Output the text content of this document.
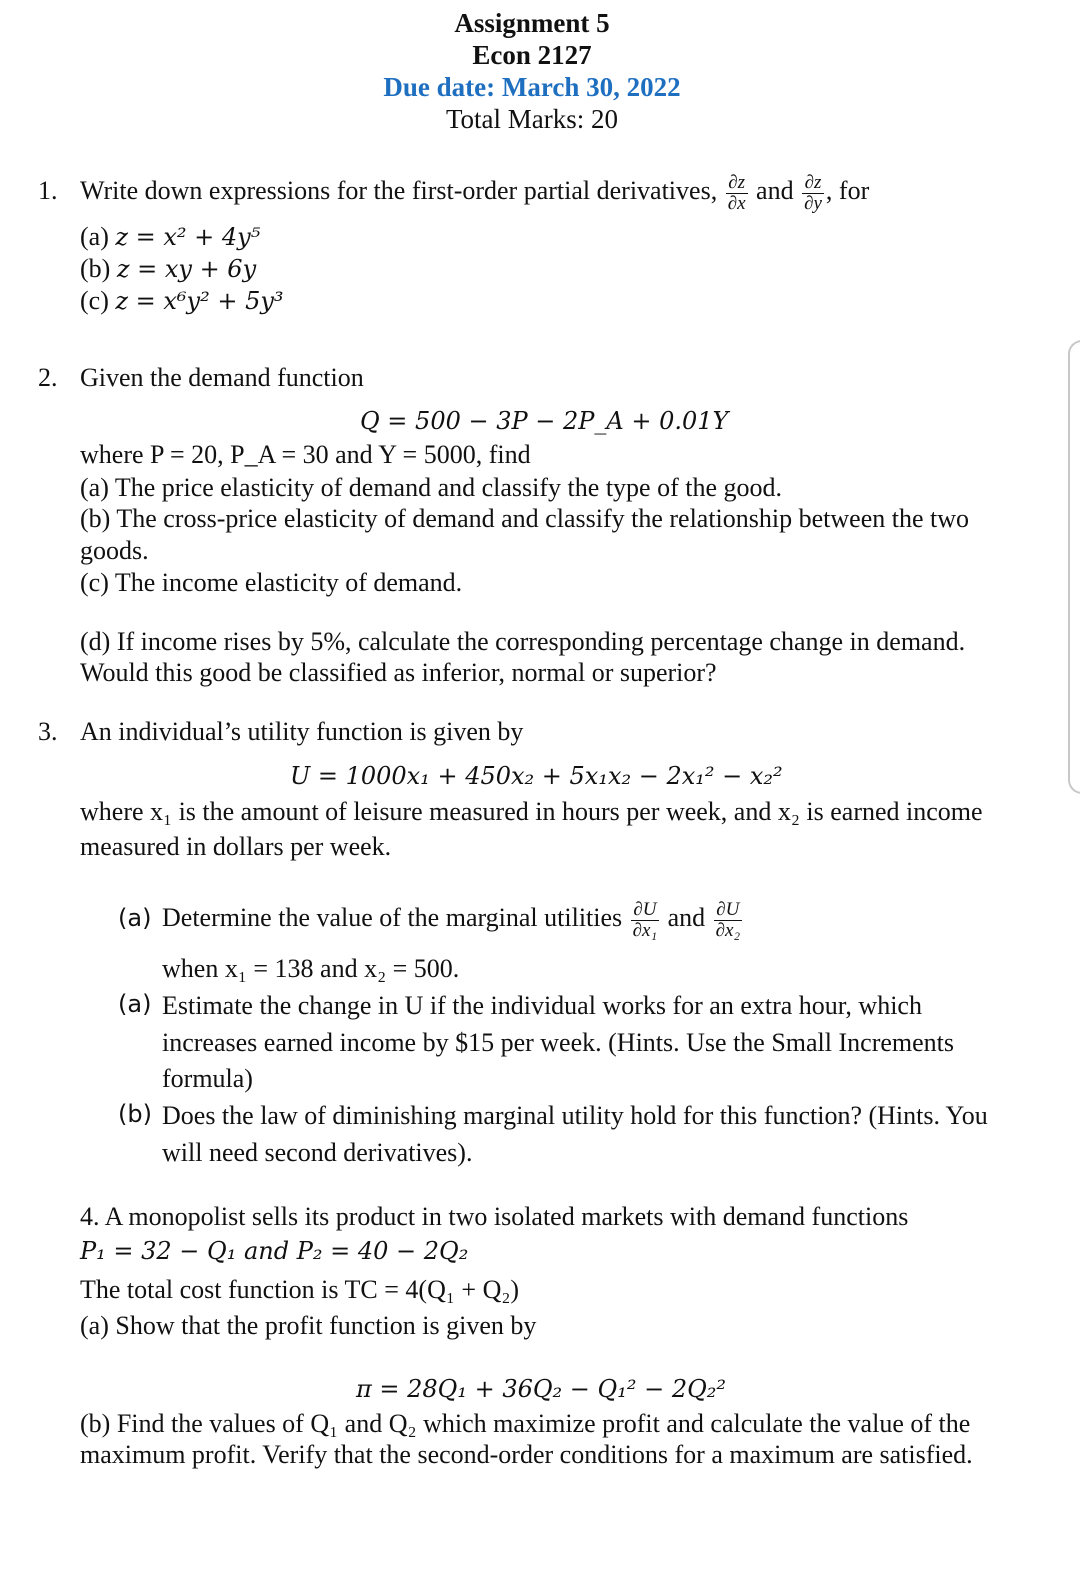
Assignment 5
Econ 2127
Due date: March 30, 2022
Total Marks: 20
1. Write down expressions for the first-order partial derivatives, $\frac{\partial z}{\partial x}$ and $\frac{\partial z}{\partial y}$ , for
(a) z = x² + 4y⁵
(b) z = xy + 6y
(c) z = x⁶y² + 5y³
2. Given the demand function
Q = 500 − 3P − 2P_A + 0.01Y
where P = 20, P_A = 30 and Y = 5000, find
(a) The price elasticity of demand and classify the type of the good.
(b) The cross-price elasticity of demand and classify the relationship between the two
goods.
(c) The income elasticity of demand.
(d) If income rises by 5%, calculate the corresponding percentage change in demand.
Would this good be classified as inferior, normal or superior?
3. An individual’s utility function is given by
U = 1000x₁ + 450x₂ + 5x₁x₂ − 2x₁² − x₂²
where x₁ is the amount of leisure measured in hours per week, and x₂ is earned income
measured in dollars per week.
(a) Determine the value of the marginal utilities $\frac{\partial U}{\text{∂x₁}}$ and $\frac{\partial U}{\text{∂x₂}}$
when x₁ = 138 and x₂ = 500.
(a) Estimate the change in U if the individual works for an extra hour, which
increases earned income by $15 per week. (Hints. Use the Small Increments
formula)
(b) Does the law of diminishing marginal utility hold for this function? (Hints. You
will need second derivatives).
4. A monopolist sells its product in two isolated markets with demand functions
P₁ = 32 − Q₁ and P₂ = 40 − 2Q₂
The total cost function is TC = 4(Q₁ + Q₂)
(a) Show that the profit function is given by
π = 28Q₁ + 36Q₂ − Q₁² − 2Q₂²
(b) Find the values of Q₁ and Q₂ which maximize profit and calculate the value of the
maximum profit. Verify that the second-order conditions for a maximum are satisfied.
